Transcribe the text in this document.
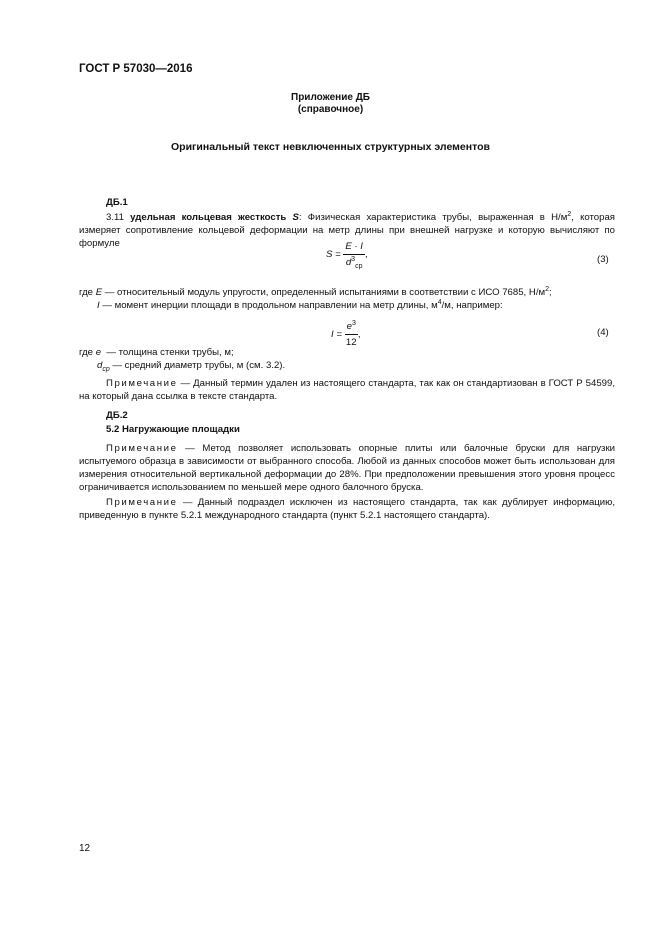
ГОСТ Р 57030—2016
Приложение ДБ
(справочное)
Оригинальный текст невключенных структурных элементов
ДБ.1
3.11 удельная кольцевая жесткость S: Физическая характеристика трубы, выраженная в $Н/м^2$, которая измеряет сопротивление кольцевой деформации на метр длины при внешней нагрузке и которую вычисляют по формуле
$S = \frac{E \cdot I}{d^3_{ср}}$ ,	(3)
где E — относительный модуль упругости, определенный испытаниями в соответствии с ИСО 7685, $Н/м^2$;
I — момент инерции площади в продольном направлении на метр длины, $м^4/м$, например:
$I = \frac{e^3}{12}$ ,	(4)
где e  — толщина стенки трубы, м;
$d_{ср}$ — средний диаметр трубы, м (см. 3.2).
Примечание — Данный термин удален из настоящего стандарта, так как он стандартизован в ГОСТ Р 54599, на который дана ссылка в тексте стандарта.
ДБ.2
5.2 Нагружающие площадки
Примечание — Метод позволяет использовать опорные плиты или балочные бруски для нагрузки испытуемого образца в зависимости от выбранного способа. Любой из данных способов может быть использован для измерения относительной вертикальной деформации до 28%. При предположении превышения этого уровня процесс ограничивается использованием по меньшей мере одного балочного бруска.
Примечание — Данный подраздел исключен из настоящего стандарта, так как дублирует информацию, приведенную в пункте 5.2.1 международного стандарта (пункт 5.2.1 настоящего стандарта).
12
